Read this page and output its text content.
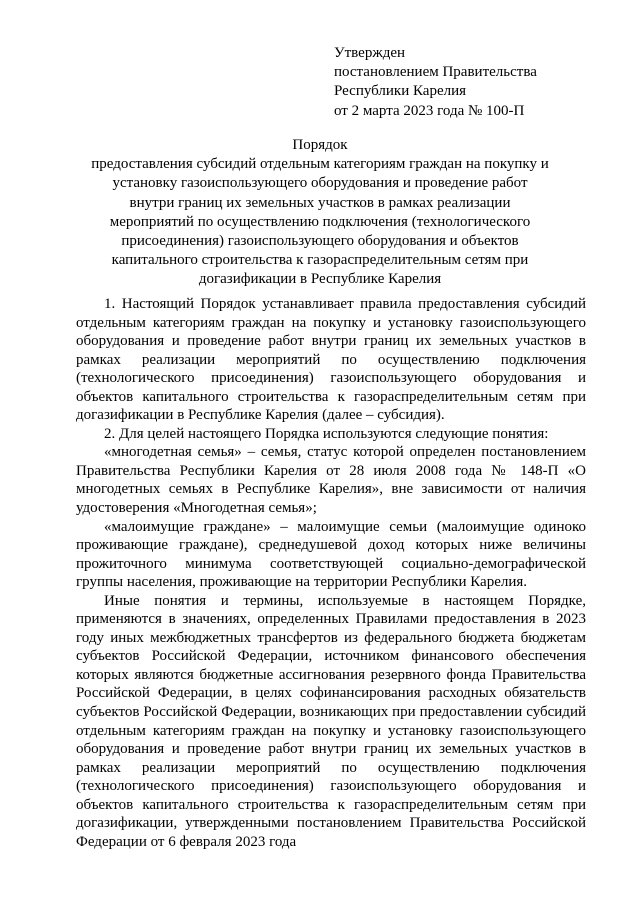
Утвержден
постановлением Правительства
Республики Карелия
от 2 марта 2023 года № 100-П
Порядок
предоставления субсидий отдельным категориям граждан на покупку и
установку газоиспользующего оборудования и проведение работ
внутри границ их земельных участков в рамках реализации
мероприятий по осуществлению подключения (технологического
присоединения) газоиспользующего оборудования и объектов
капитального строительства к газораспределительным сетям при
догазификации в Республике Карелия

1. Настоящий Порядок устанавливает правила предоставления субсидий отдельным категориям граждан на покупку и установку газоиспользующего оборудования и проведение работ внутри границ их земельных участков в рамках реализации мероприятий по осуществлению подключения (технологического присоединения) газоиспользующего оборудования и объектов капитального строительства к газораспределительным сетям при догазификации в Республике Карелия (далее – субсидия).

2. Для целей настоящего Порядка используются следующие понятия:

«многодетная семья» – семья, статус которой определен постановлением Правительства Республики Карелия от 28 июля 2008 года № 148-П «О многодетных семьях в Республике Карелия», вне зависимости от наличия удостоверения «Многодетная семья»;

«малоимущие граждане» – малоимущие семьи (малоимущие одиноко проживающие граждане), среднедушевой доход которых ниже величины прожиточного минимума соответствующей социально-демографической группы населения, проживающие на территории Республики Карелия.

Иные понятия и термины, используемые в настоящем Порядке, применяются в значениях, определенных Правилами предоставления в 2023 году иных межбюджетных трансфертов из федерального бюджета бюджетам субъектов Российской Федерации, источником финансового обеспечения которых являются бюджетные ассигнования резервного фонда Правительства Российской Федерации, в целях софинансирования расходных обязательств субъектов Российской Федерации, возникающих при предоставлении субсидий отдельным категориям граждан на покупку и установку газоиспользующего оборудования и проведение работ внутри границ их земельных участков в рамках реализации мероприятий по осуществлению подключения (технологического присоединения) газоиспользующего оборудования и объектов капитального строительства к газораспределительным сетям при догазификации, утвержденными постановлением Правительства Российской Федерации от 6 февраля 2023 года
